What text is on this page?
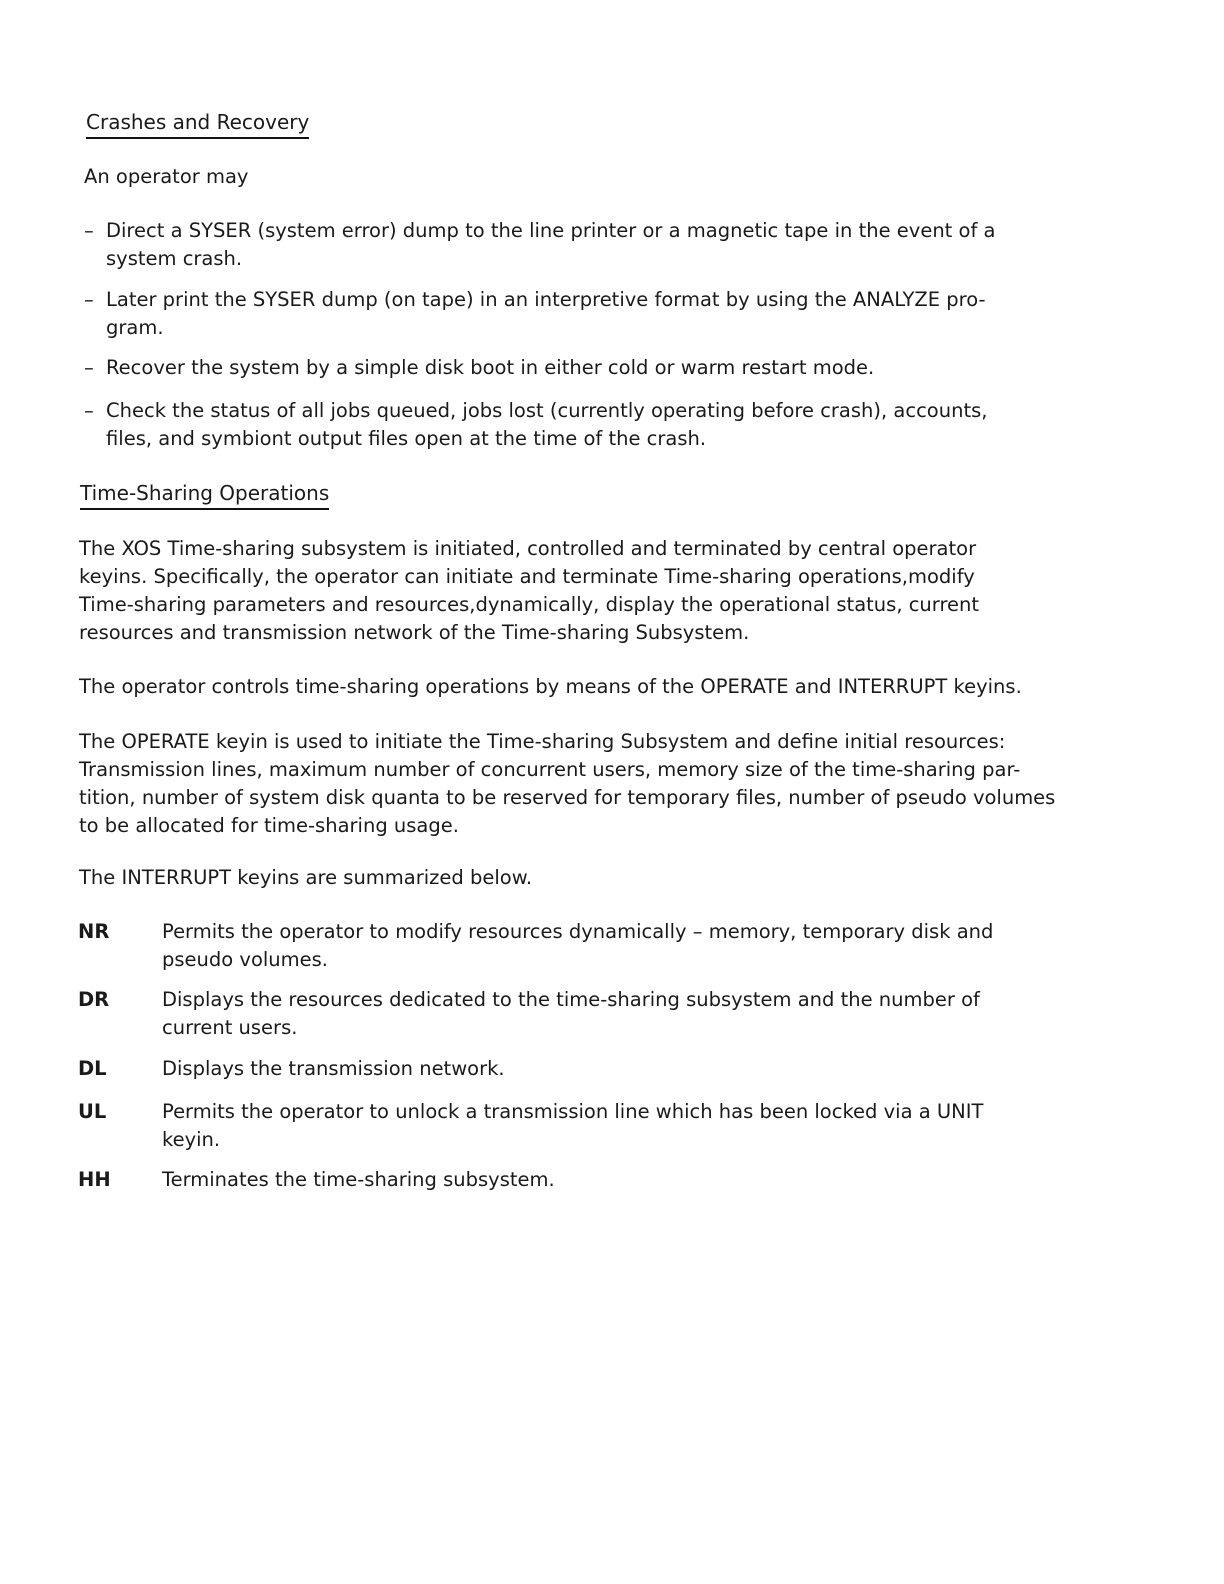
Crashes and Recovery
An operator may
– Direct a SYSER (system error) dump to the line printer or a magnetic tape in the event of a
system crash.
– Later print the SYSER dump (on tape) in an interpretive format by using the ANALYZE pro-
gram.
– Recover the system by a simple disk boot in either cold or warm restart mode.
– Check the status of all jobs queued, jobs lost (currently operating before crash), accounts,
files, and symbiont output files open at the time of the crash.
Time-Sharing Operations
The XOS Time-sharing subsystem is initiated, controlled and terminated by central operator
keyins. Specifically, the operator can initiate and terminate Time-sharing operations,modify
Time-sharing parameters and resources,dynamically, display the operational status, current
resources and transmission network of the Time-sharing Subsystem.
The operator controls time-sharing operations by means of the OPERATE and INTERRUPT keyins.
The OPERATE keyin is used to initiate the Time-sharing Subsystem and define initial resources:
Transmission lines, maximum number of concurrent users, memory size of the time-sharing par-
tition, number of system disk quanta to be reserved for temporary files, number of pseudo volumes
to be allocated for time-sharing usage.
The INTERRUPT keyins are summarized below.
NR	Permits the operator to modify resources dynamically – memory, temporary disk and
pseudo volumes.
DR	Displays the resources dedicated to the time-sharing subsystem and the number of
current users.
DL	Displays the transmission network.
UL	Permits the operator to unlock a transmission line which has been locked via a UNIT
keyin.
HH	Terminates the time-sharing subsystem.
